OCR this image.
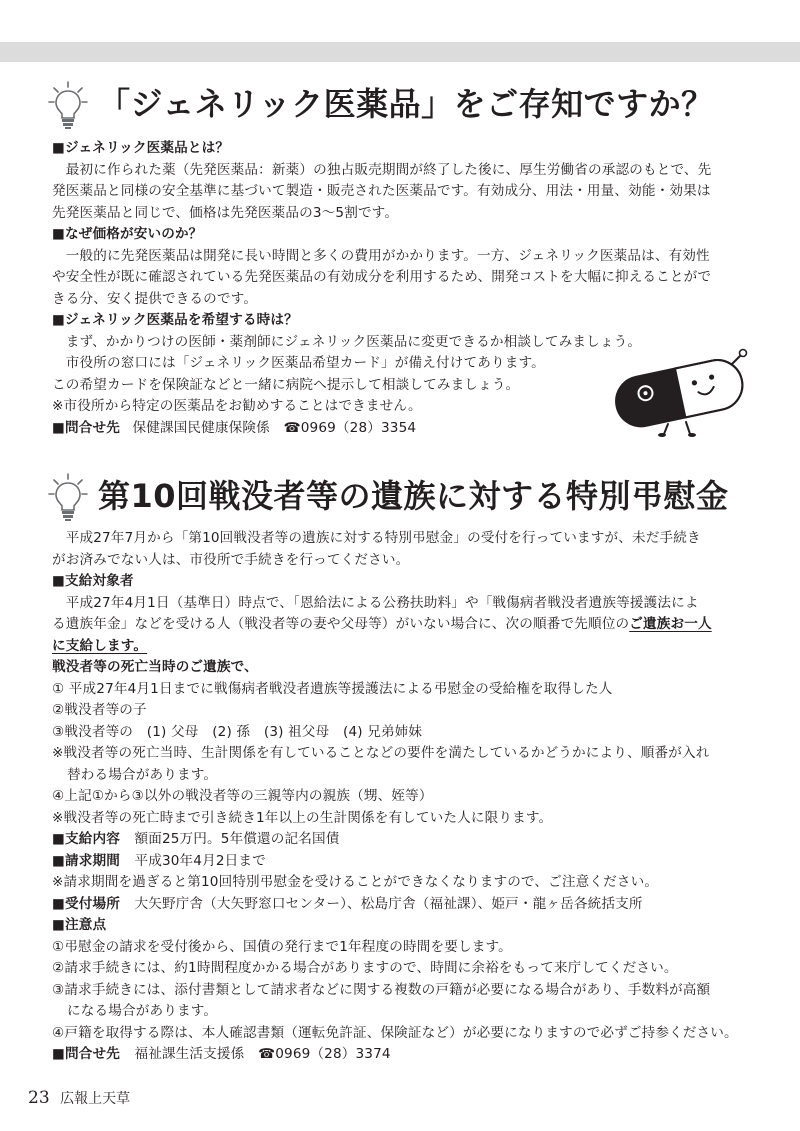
「ジェネリック医薬品」をご存知ですか？
■ジェネリック医薬品とは？
　最初に作られた薬（先発医薬品：新薬）の独占販売期間が終了した後に、厚生労働省の承認のもとで、先
発医薬品と同様の安全基準に基づいて製造・販売された医薬品です。有効成分、用法・用量、効能・効果は
先発医薬品と同じで、価格は先発医薬品の3～5割です。
■なぜ価格が安いのか？
　一般的に先発医薬品は開発に長い時間と多くの費用がかかります。一方、ジェネリック医薬品は、有効性
や安全性が既に確認されている先発医薬品の有効成分を利用するため、開発コストを大幅に抑えることがで
きる分、安く提供できるのです。
■ジェネリック医薬品を希望する時は？
　まず、かかりつけの医師・薬剤師にジェネリック医薬品に変更できるか相談してみましょう。
　市役所の窓口には「ジェネリック医薬品希望カード」が備え付けてあります。
この希望カードを保険証などと一緒に病院へ提示して相談してみましょう。
※市役所から特定の医薬品をお勧めすることはできません。
■問合せ先 保健課国民健康保険係　☎0969（28）3354
第10回戦没者等の遺族に対する特別弔慰金
　平成27年7月から「第10回戦没者等の遺族に対する特別弔慰金」の受付を行っていますが、未だ手続き
がお済みでない人は、市役所で手続きを行ってください。
■支給対象者
　平成27年4月1日（基準日）時点で、「恩給法による公務扶助料」や「戦傷病者戦没者遺族等援護法によ
る遺族年金」などを受ける人（戦没者等の妻や父母等）がいない場合に、次の順番で先順位のご遺族お一人
に支給します。
戦没者等の死亡当時のご遺族で、
① 平成27年4月1日までに戦傷病者戦没者遺族等援護法による弔慰金の受給権を取得した人
②戦没者等の子
③戦没者等の　(1) 父母　(2) 孫　(3) 祖父母　(4) 兄弟姉妹
※戦没者等の死亡当時、生計関係を有していることなどの要件を満たしているかどうかにより、順番が入れ
替わる場合があります。
④上記①から③以外の戦没者等の三親等内の親族（甥、姪等）
※戦没者等の死亡時まで引き続き1年以上の生計関係を有していた人に限ります。
■支給内容 額面25万円。5年償還の記名国債
■請求期間 平成30年4月2日まで
※請求期間を過ぎると第10回特別弔慰金を受けることができなくなりますので、ご注意ください。
■受付場所 大矢野庁舎（大矢野窓口センター）、松島庁舎（福祉課）、姫戸・龍ヶ岳各統括支所
■注意点
①弔慰金の請求を受付後から、国債の発行まで1年程度の時間を要します。
②請求手続きには、約1時間程度かかる場合がありますので、時間に余裕をもって来庁してください。
③請求手続きには、添付書類として請求者などに関する複数の戸籍が必要になる場合があり、手数料が高額
になる場合があります。
④戸籍を取得する際は、本人確認書類（運転免許証、保険証など）が必要になりますので必ずご持参ください。
■問合せ先 福祉課生活支援係　☎0969（28）3374
23 広報上天草
